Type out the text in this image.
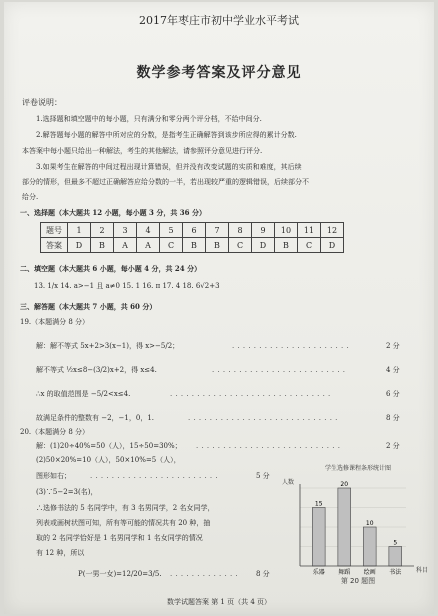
2017年枣庄市初中学业水平考试
数学参考答案及评分意见
评卷说明：
1.选择题和填空题中的每小题，只有满分和零分两个评分档，不给中间分.
2.解答题每小题的解答中所对应的分数，是指考生正确解答到该步所应得的累计分数.
本答案中每小题只给出一种解法，考生的其他解法，请参照评分意见进行评分.
3.如果考生在解答的中间过程出现计算错误，但并没有改变试题的实质和难度，其后续
部分的情形，但最多不超过正确解答应给分数的一半，若出现较严重的逻辑错误，后续部分不
给分.
一、选择题（本大题共 12 小题，每小题 3 分，共 36 分）
题号	1	2	3	4	5	6	7	8	9	10	11	12
答案	D	B	A	A	C	B	B	C	D	B	C	D
二、填空题（本大题共 6 小题，每小题 4 分，共 24 分）
13. 1/x 14. a>−1 且 a≠0 15. 1 16. π 17. 4 18. 6√2+3
三、解答题（本大题共 7 小题，共 60 分）
19.（本题满分 8 分）
解：解不等式 5x+2>3(x−1)，得 x>−5/2；	. . . . . . . . . . . . . . . . . . . . . .	2 分
解不等式 ½x≤8−(3/2)x+2，得 x≤4.	. . . . . . . . . . . . . . . . . . . . . . . . .	4 分
∴x 的取值范围是 −5/2<x≤4.	. . . . . . . . . . . . . . . . . . . . . . . . . . . . . .	6 分
故满足条件的整数有 −2，−1，0，1.	. . . . . . . . . . . . . . . . . . . . . . . . . . . .	8 分
20.（本题满分 8 分）
解：(1)20÷40%=50（人），15÷50=30%； . . . . . . . . . . . . . . . . . . . . . . . . . . .	2 分
(2)50×20%=10（人），50×10%=5（人），
图形如右；	. . . . . . . . . . . . . . . . . . . . . . . .	5 分
(3)∵5−2=3(名)，
∴选修书法的 5 名同学中，有 3 名男同学，2 名女同学，
列表或画树状图可知，所有等可能的情况共有 20 种，抽
取的 2 名同学恰好是 1 名男同学和 1 名女同学的情况
有 12 种，所以
P(一男一女)=12/20=3/5. . . . . . . . . . . . . .	8 分
学生选修课程条形统计图
人数
科目
15
乐器
20
舞蹈
10
绘画
5
书法
第 20 题图
数学试题答案 第 1 页（共 4 页）
